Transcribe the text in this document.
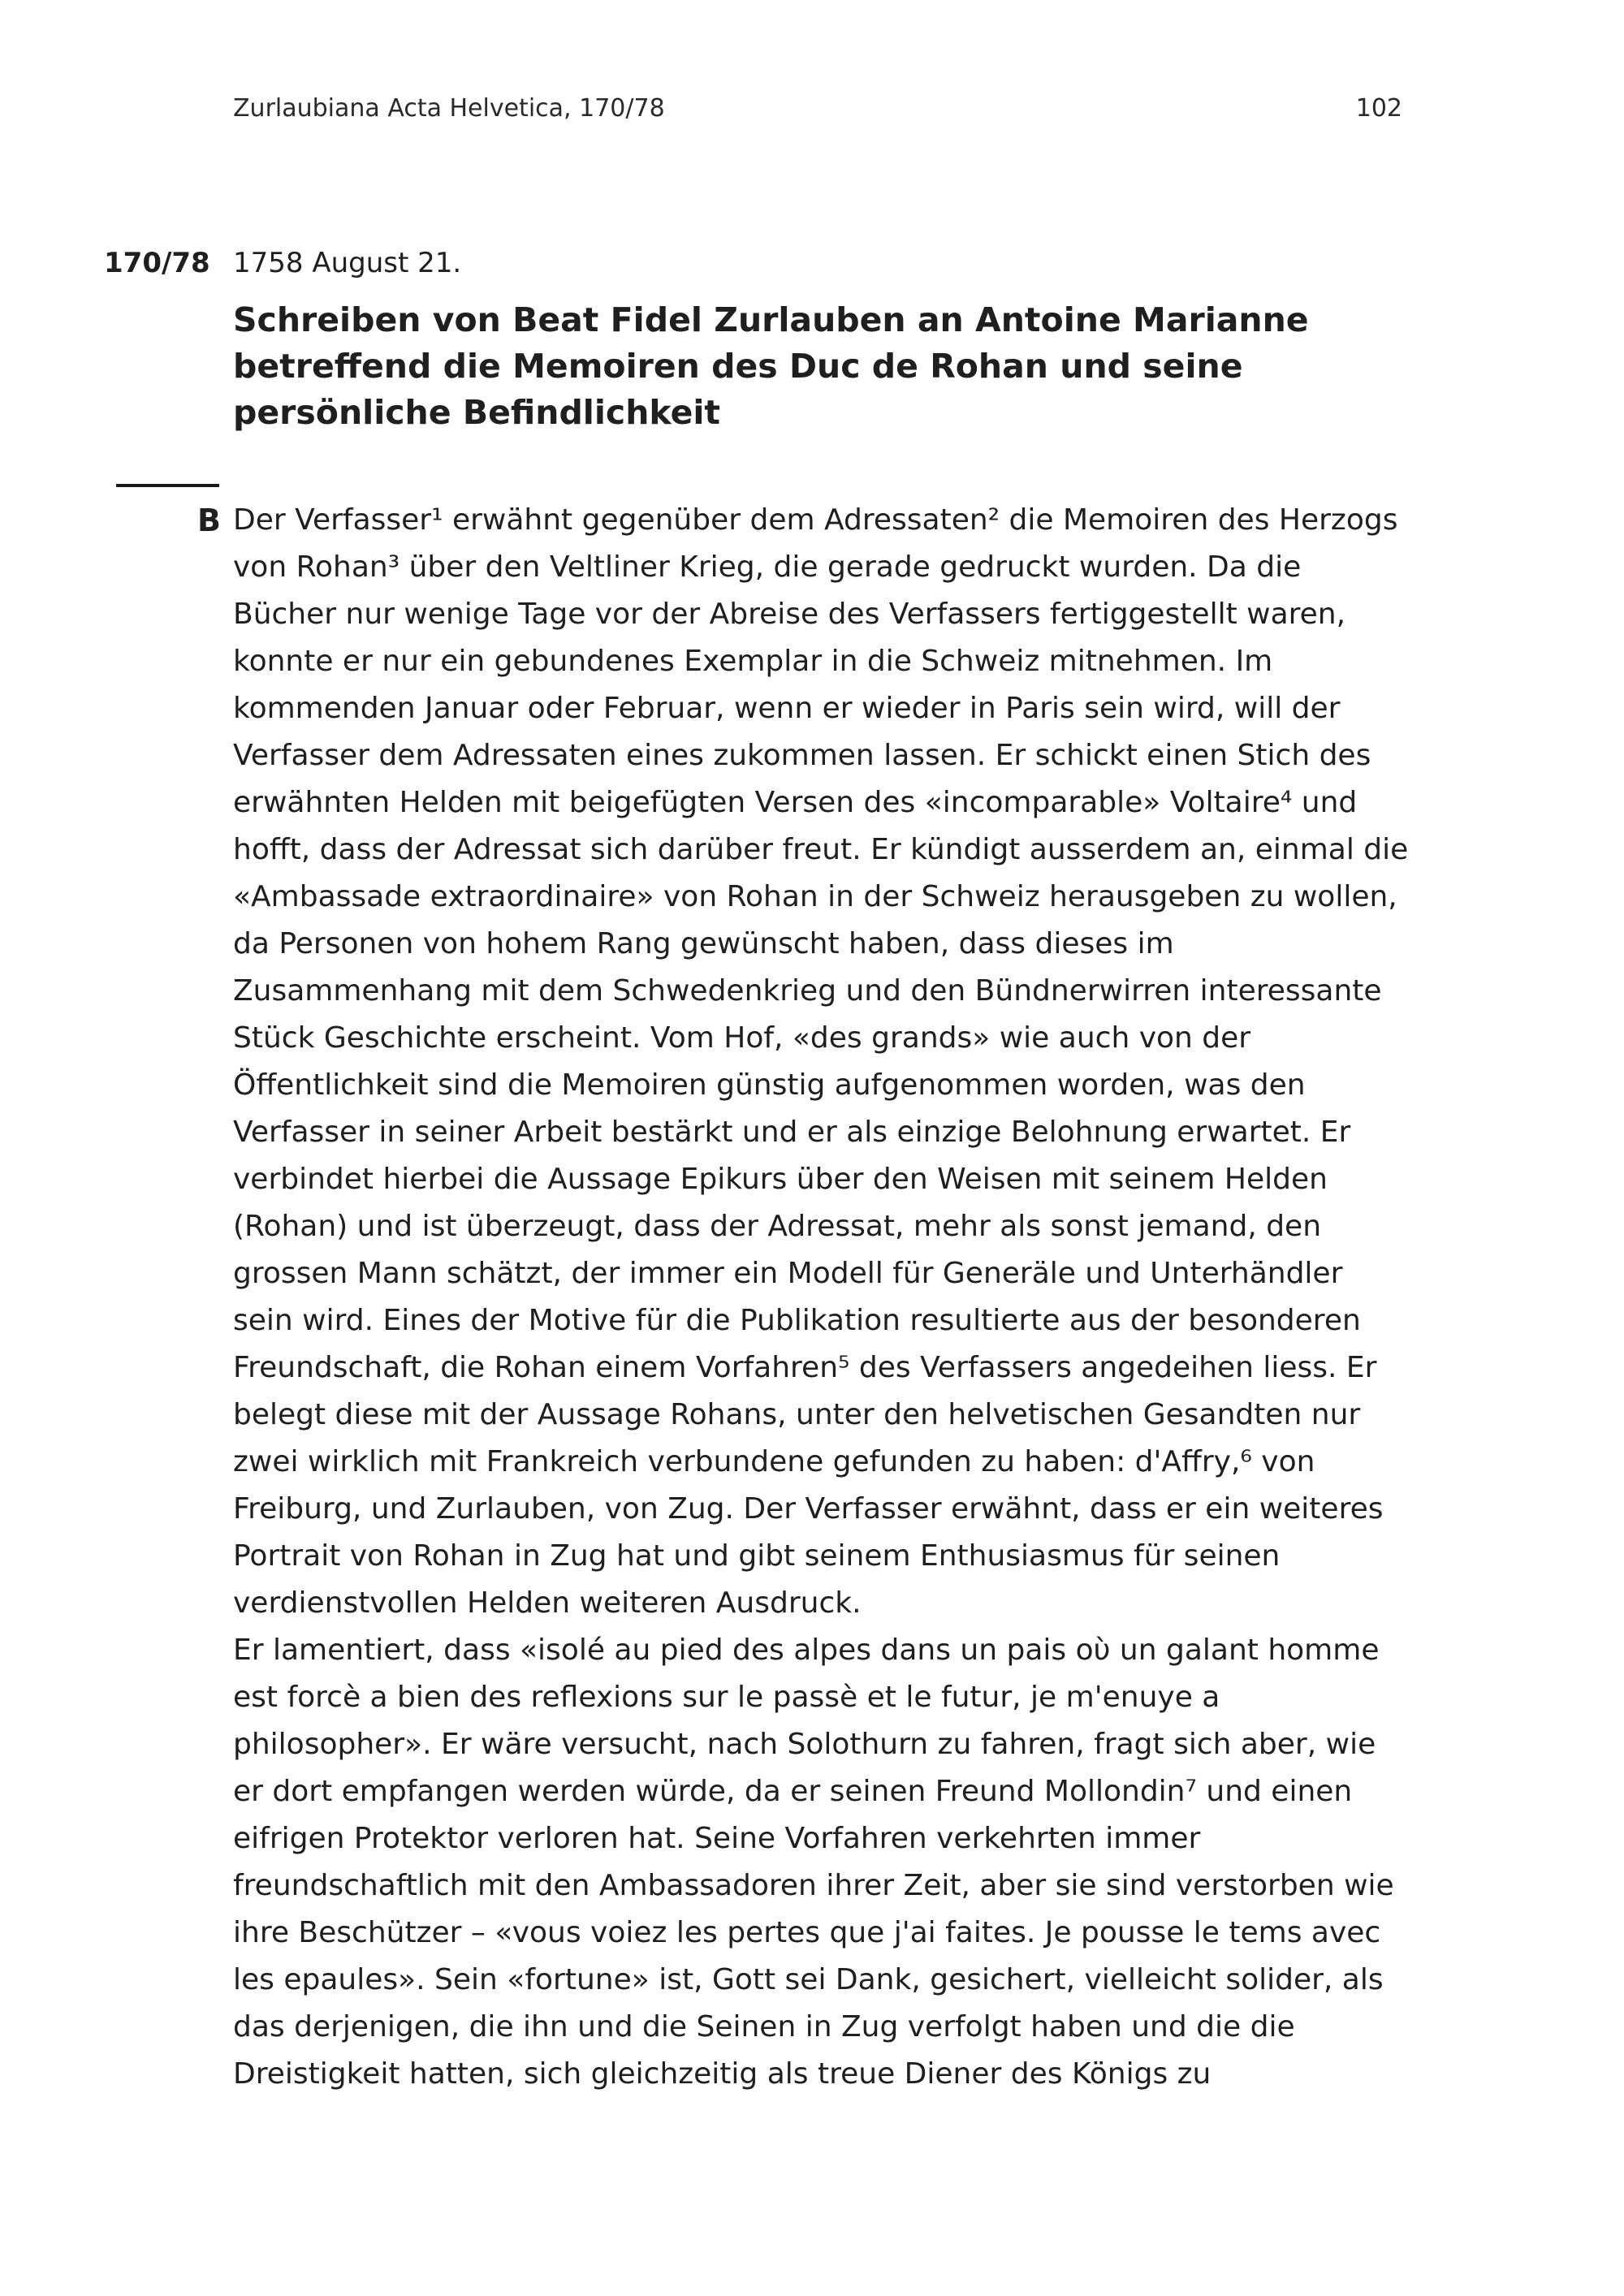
Zurlaubiana Acta Helvetica, 170/78	102
170/78 1758 August 21.
Schreiben von Beat Fidel Zurlauben an Antoine Marianne
betreffend die Memoiren des Duc de Rohan und seine
persönliche Befindlichkeit
B Der Verfasser¹ erwähnt gegenüber dem Adressaten² die Memoiren des Herzogs
von Rohan³ über den Veltliner Krieg, die gerade gedruckt wurden. Da die
Bücher nur wenige Tage vor der Abreise des Verfassers fertiggestellt waren,
konnte er nur ein gebundenes Exemplar in die Schweiz mitnehmen. Im
kommenden Januar oder Februar, wenn er wieder in Paris sein wird, will der
Verfasser dem Adressaten eines zukommen lassen. Er schickt einen Stich des
erwähnten Helden mit beigefügten Versen des «incomparable» Voltaire⁴ und
hofft, dass der Adressat sich darüber freut. Er kündigt ausserdem an, einmal die
«Ambassade extraordinaire» von Rohan in der Schweiz herausgeben zu wollen,
da Personen von hohem Rang gewünscht haben, dass dieses im
Zusammenhang mit dem Schwedenkrieg und den Bündnerwirren interessante
Stück Geschichte erscheint. Vom Hof, «des grands» wie auch von der
Öffentlichkeit sind die Memoiren günstig aufgenommen worden, was den
Verfasser in seiner Arbeit bestärkt und er als einzige Belohnung erwartet. Er
verbindet hierbei die Aussage Epikurs über den Weisen mit seinem Helden
(Rohan) und ist überzeugt, dass der Adressat, mehr als sonst jemand, den
grossen Mann schätzt, der immer ein Modell für Generäle und Unterhändler
sein wird. Eines der Motive für die Publikation resultierte aus der besonderen
Freundschaft, die Rohan einem Vorfahren⁵ des Verfassers angedeihen liess. Er
belegt diese mit der Aussage Rohans, unter den helvetischen Gesandten nur
zwei wirklich mit Frankreich verbundene gefunden zu haben: d'Affry,⁶ von
Freiburg, und Zurlauben, von Zug. Der Verfasser erwähnt, dass er ein weiteres
Portrait von Rohan in Zug hat und gibt seinem Enthusiasmus für seinen
verdienstvollen Helden weiteren Ausdruck.
Er lamentiert, dass «isolé au pied des alpes dans un pais oὺ un galant homme
est forcè a bien des reflexions sur le passè et le futur, je m'enuye a
philosopher». Er wäre versucht, nach Solothurn zu fahren, fragt sich aber, wie
er dort empfangen werden würde, da er seinen Freund Mollondin⁷ und einen
eifrigen Protektor verloren hat. Seine Vorfahren verkehrten immer
freundschaftlich mit den Ambassadoren ihrer Zeit, aber sie sind verstorben wie
ihre Beschützer – «vous voiez les pertes que j'ai faites. Je pousse le tems avec
les epaules». Sein «fortune» ist, Gott sei Dank, gesichert, vielleicht solider, als
das derjenigen, die ihn und die Seinen in Zug verfolgt haben und die die
Dreistigkeit hatten, sich gleichzeitig als treue Diener des Königs zu
